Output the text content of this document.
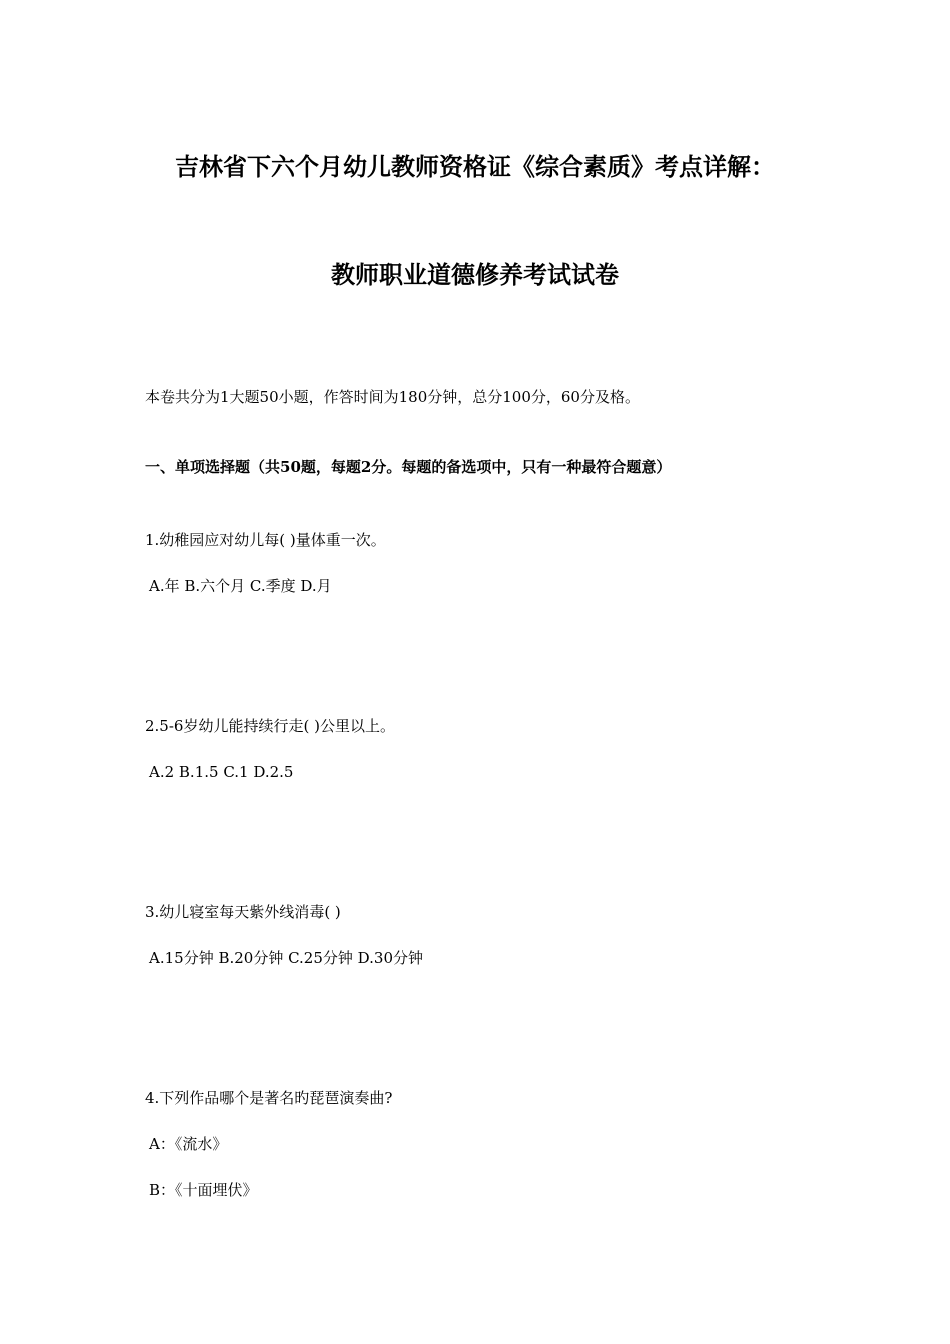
吉林省下六个月幼儿教师资格证《综合素质》考点详解：
教师职业道德修养考试试卷
本卷共分为1大题50小题，作答时间为180分钟，总分100分，60分及格。
一、单项选择题（共50题，每题2分。每题的备选项中，只有一种最符合题意）
1.幼稚园应对幼儿每( )量体重一次。
A.年 B.六个月 C.季度 D.月
2.5-6岁幼儿能持续行走( )公里以上。
A.2 B.1.5 C.1 D.2.5
3.幼儿寝室每天紫外线消毒( )
A.15分钟 B.20分钟 C.25分钟 D.30分钟
4.下列作品哪个是著名旳琵琶演奏曲?
A：《流水》
B：《十面埋伏》
